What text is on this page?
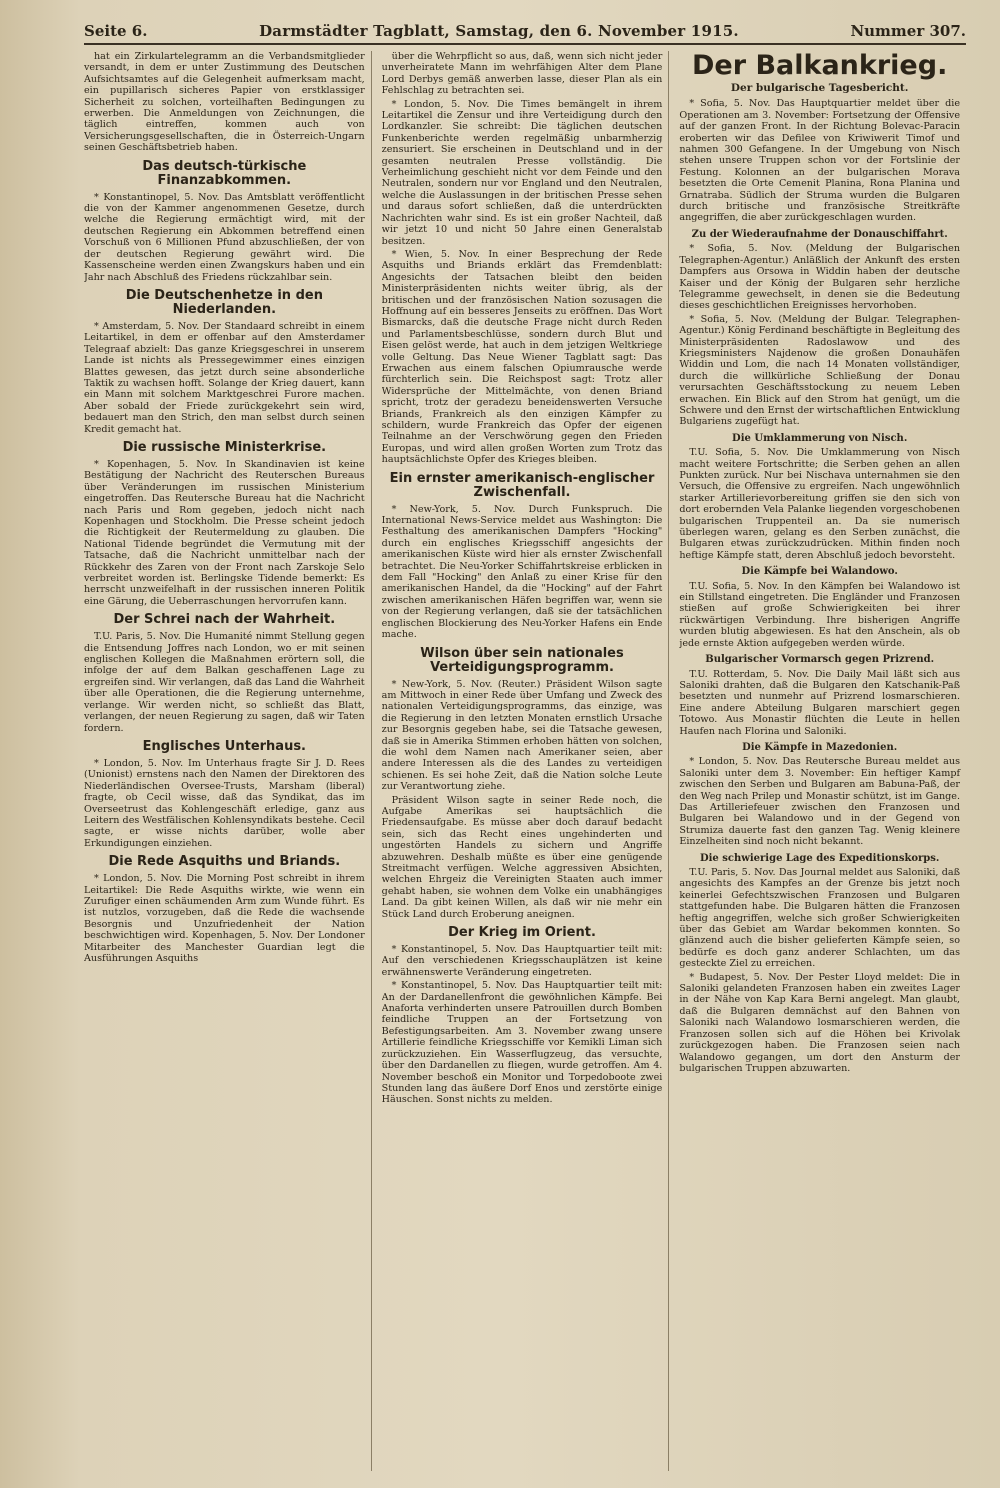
Seite 6.	Darmstädter Tagblatt, Samstag, den 6. November 1915.	Nummer 307.

hat ein Zirkulartelegramm an die Verbandsmitglieder versandt, in dem er unter Zustimmung des Deutschen Aufsichtsamtes auf die Gelegenheit aufmerksam macht, ein pupillarisch sicheres Papier von erstklassiger Sicherheit zu solchen, vorteilhaften Bedingungen zu erwerben. Die Anmeldungen von Zeichnungen, die täglich eintreffen, kommen auch von Versicherungsgesellschaften, die in Österreich-Ungarn seinen Geschäftsbetrieb haben.

Das deutsch-türkische Finanzabkommen.

* Konstantinopel, 5. Nov. Das Amtsblatt veröffentlicht die von der Kammer angenommenen Gesetze, durch welche die Regierung ermächtigt wird, mit der deutschen Regierung ein Abkommen betreffend einen Vorschuß von 6 Millionen Pfund abzuschließen, der von der deutschen Regierung gewährt wird. Die Kassenscheine werden einen Zwangskurs haben und ein Jahr nach Abschluß des Friedens rückzahlbar sein.

Die Deutschenhetze in den Niederlanden.

* Amsterdam, 5. Nov. Der Standaard schreibt in einem Leitartikel, in dem er offenbar auf den Amsterdamer Telegraaf abzielt: Das ganze Kriegsgeschrei in unserem Lande ist nichts als Pressegewimmer eines einzigen Blattes gewesen, das jetzt durch seine absonderliche Taktik zu wachsen hofft. Solange der Krieg dauert, kann ein Mann mit solchem Marktgeschrei Furore machen. Aber sobald der Friede zurückgekehrt sein wird, bedauert man den Strich, den man selbst durch seinen Kredit gemacht hat.

Die russische Ministerkrise.

* Kopenhagen, 5. Nov. In Skandinavien ist keine Bestätigung der Nachricht des Reuterschen Bureaus über Veränderungen im russischen Ministerium eingetroffen. Das Reutersche Bureau hat die Nachricht nach Paris und Rom gegeben, jedoch nicht nach Kopenhagen und Stockholm. Die Presse scheint jedoch die Richtigkeit der Reutermeldung zu glauben. Die National Tidende begründet die Vermutung mit der Tatsache, daß die Nachricht unmittelbar nach der Rückkehr des Zaren von der Front nach Zarskoje Selo verbreitet worden ist. Berlingske Tidende bemerkt: Es herrscht unzweifelhaft in der russischen inneren Politik eine Gärung, die Ueberraschungen hervorrufen kann.

Der Schrei nach der Wahrheit.

T.U. Paris, 5. Nov. Die Humanité nimmt Stellung gegen die Entsendung Joffres nach London, wo er mit seinen englischen Kollegen die Maßnahmen erörtern soll, die infolge der auf dem Balkan geschaffenen Lage zu ergreifen sind. Wir verlangen, daß das Land die Wahrheit über alle Operationen, die die Regierung unternehme, verlange. Wir werden nicht, so schließt das Blatt, verlangen, der neuen Regierung zu sagen, daß wir Taten fordern.

Englisches Unterhaus.

* London, 5. Nov. Im Unterhaus fragte Sir J. D. Rees (Unionist) ernstens nach den Namen der Direktoren des Niederländischen Oversee-Trusts, Marsham (liberal) fragte, ob Cecil wisse, daß das Syndikat, das im Overseetrust das Kohlengeschäft erledige, ganz aus Leitern des Westfälischen Kohlensyndikats bestehe. Cecil sagte, er wisse nichts darüber, wolle aber Erkundigungen einziehen.

Die Rede Asquiths und Briands.

* London, 5. Nov. Die Morning Post schreibt in ihrem Leitartikel: Die Rede Asquiths wirkte, wie wenn ein Zurufiger einen schäumenden Arm zum Wunde führt. Es ist nutzlos, vorzugeben, daß die Rede die wachsende Besorgnis und Unzufriedenheit der Nation beschwichtigen wird. Kopenhagen, 5. Nov. Der Londoner Mitarbeiter des Manchester Guardian legt die Ausführungen Asquiths

über die Wehrpflicht so aus, daß, wenn sich nicht jeder unverheiratete Mann im wehrfähigen Alter dem Plane Lord Derbys gemäß anwerben lasse, dieser Plan als ein Fehlschlag zu betrachten sei.

* London, 5. Nov. Die Times bemängelt in ihrem Leitartikel die Zensur und ihre Verteidigung durch den Lordkanzler. Sie schreibt: Die täglichen deutschen Funkenberichte werden regelmäßig unbarmherzig zensuriert. Sie erscheinen in Deutschland und in der gesamten neutralen Presse vollständig. Die Verheimlichung geschieht nicht vor dem Feinde und den Neutralen, sondern nur vor England und den Neutralen, welche die Auslassungen in der britischen Presse sehen und daraus sofort schließen, daß die unterdrückten Nachrichten wahr sind. Es ist ein großer Nachteil, daß wir jetzt 10 und nicht 50 Jahre einen Generalstab besitzen.

* Wien, 5. Nov. In einer Besprechung der Rede Asquiths und Briands erklärt das Fremdenblatt: Angesichts der Tatsachen bleibt den beiden Ministerpräsidenten nichts weiter übrig, als der britischen und der französischen Nation sozusagen die Hoffnung auf ein besseres Jenseits zu eröffnen. Das Wort Bismarcks, daß die deutsche Frage nicht durch Reden und Parlamentsbeschlüsse, sondern durch Blut und Eisen gelöst werde, hat auch in dem jetzigen Weltkriege volle Geltung. Das Neue Wiener Tagblatt sagt: Das Erwachen aus einem falschen Opiumrausche werde fürchterlich sein. Die Reichspost sagt: Trotz aller Widersprüche der Mittelmächte, von denen Briand spricht, trotz der geradezu beneidenswerten Versuche Briands, Frankreich als den einzigen Kämpfer zu schildern, wurde Frankreich das Opfer der eigenen Teilnahme an der Verschwörung gegen den Frieden Europas, und wird allen großen Worten zum Trotz das hauptsächlichste Opfer des Krieges bleiben.

Ein ernster amerikanisch-englischer Zwischenfall.

* New-York, 5. Nov. Durch Funkspruch. Die International News-Service meldet aus Washington: Die Festhaltung des amerikanischen Dampfers "Hocking" durch ein englisches Kriegsschiff angesichts der amerikanischen Küste wird hier als ernster Zwischenfall betrachtet. Die Neu-Yorker Schiffahrtskreise erblicken in dem Fall "Hocking" den Anlaß zu einer Krise für den amerikanischen Handel, da die "Hocking" auf der Fahrt zwischen amerikanischen Häfen begriffen war, wenn sie von der Regierung verlangen, daß sie der tatsächlichen englischen Blockierung des Neu-Yorker Hafens ein Ende mache.

Wilson über sein nationales Verteidigungsprogramm.

* New-York, 5. Nov. (Reuter.) Präsident Wilson sagte am Mittwoch in einer Rede über Umfang und Zweck des nationalen Verteidigungsprogramms, das einzige, was die Regierung in den letzten Monaten ernstlich Ursache zur Besorgnis gegeben habe, sei die Tatsache gewesen, daß sie in Amerika Stimmen erhoben hätten von solchen, die wohl dem Namen nach Amerikaner seien, aber andere Interessen als die des Landes zu verteidigen schienen. Es sei hohe Zeit, daß die Nation solche Leute zur Verantwortung ziehe.

Präsident Wilson sagte in seiner Rede noch, die Aufgabe Amerikas sei hauptsächlich die Friedensaufgabe. Es müsse aber doch darauf bedacht sein, sich das Recht eines ungehinderten und ungestörten Handels zu sichern und Angriffe abzuwehren. Deshalb müßte es über eine genügende Streitmacht verfügen. Welche aggressiven Absichten, welchen Ehrgeiz die Vereinigten Staaten auch immer gehabt haben, sie wohnen dem Volke ein unabhängiges Land. Da gibt keinen Willen, als daß wir nie mehr ein Stück Land durch Eroberung aneignen.

Der Krieg im Orient.

* Konstantinopel, 5. Nov. Das Hauptquartier teilt mit: Auf den verschiedenen Kriegsschauplätzen ist keine erwähnenswerte Veränderung eingetreten.

* Konstantinopel, 5. Nov. Das Hauptquartier teilt mit: An der Dardanellenfront die gewöhnlichen Kämpfe. Bei Anaforta verhinderten unsere Patrouillen durch Bomben feindliche Truppen an der Fortsetzung von Befestigungsarbeiten. Am 3. November zwang unsere Artillerie feindliche Kriegsschiffe vor Kemikli Liman sich zurückzuziehen. Ein Wasserflugzeug, das versuchte, über den Dardanellen zu fliegen, wurde getroffen. Am 4. November beschoß ein Monitor und Torpedoboote zwei Stunden lang das äußere Dorf Enos und zerstörte einige Häuschen. Sonst nichts zu melden.

Der Balkankrieg.
Der bulgarische Tagesbericht.

* Sofia, 5. Nov. Das Hauptquartier meldet über die Operationen am 3. November: Fortsetzung der Offensive auf der ganzen Front. In der Richtung Bolevac-Paracin eroberten wir das Defilee von Kriwiwerit Timof und nahmen 300 Gefangene. In der Umgebung von Nisch stehen unsere Truppen schon vor der Fortslinie der Festung. Kolonnen an der bulgarischen Morava besetzten die Orte Cemenit Planina, Rona Planina und Grnatraba. Südlich der Struma wurden die Bulgaren durch britische und französische Streitkräfte angegriffen, die aber zurückgeschlagen wurden.

Zu der Wiederaufnahme der Donauschiffahrt.

* Sofia, 5. Nov. (Meldung der Bulgarischen Telegraphen-Agentur.) Anläßlich der Ankunft des ersten Dampfers aus Orsowa in Widdin haben der deutsche Kaiser und der König der Bulgaren sehr herzliche Telegramme gewechselt, in denen sie die Bedeutung dieses geschichtlichen Ereignisses hervorhoben.

* Sofia, 5. Nov. (Meldung der Bulgar. Telegraphen-Agentur.) König Ferdinand beschäftigte in Begleitung des Ministerpräsidenten Radoslawow und des Kriegsministers Najdenow die großen Donauhäfen Widdin und Lom, die nach 14 Monaten vollständiger, durch die willkürliche Schließung der Donau verursachten Geschäftsstockung zu neuem Leben erwachen. Ein Blick auf den Strom hat genügt, um die Schwere und den Ernst der wirtschaftlichen Entwicklung Bulgariens zugefügt hat.

Die Umklammerung von Nisch.

T.U. Sofia, 5. Nov. Die Umklammerung von Nisch macht weitere Fortschritte; die Serben gehen an allen Punkten zurück. Nur bei Nischava unternahmen sie den Versuch, die Offensive zu ergreifen. Nach ungewöhnlich starker Artillerievorbereitung griffen sie den sich von dort erobernden Vela Palanke liegenden vorgeschobenen bulgarischen Truppenteil an. Da sie numerisch überlegen waren, gelang es den Serben zunächst, die Bulgaren etwas zurückzudrücken. Mithin finden noch heftige Kämpfe statt, deren Abschluß jedoch bevorsteht.

Die Kämpfe bei Walandowo.

T.U. Sofia, 5. Nov. In den Kämpfen bei Walandowo ist ein Stillstand eingetreten. Die Engländer und Franzosen stießen auf große Schwierigkeiten bei ihrer rückwärtigen Verbindung. Ihre bisherigen Angriffe wurden blutig abgewiesen. Es hat den Anschein, als ob jede ernste Aktion aufgegeben werden würde.

Bulgarischer Vormarsch gegen Prizrend.

T.U. Rotterdam, 5. Nov. Die Daily Mail läßt sich aus Saloniki drahten, daß die Bulgaren den Katschanik-Paß besetzten und nunmehr auf Prizrend losmarschieren. Eine andere Abteilung Bulgaren marschiert gegen Totowo. Aus Monastir flüchten die Leute in hellen Haufen nach Florina und Saloniki.

Die Kämpfe in Mazedonien.

* London, 5. Nov. Das Reutersche Bureau meldet aus Saloniki unter dem 3. November: Ein heftiger Kampf zwischen den Serben und Bulgaren am Babuna-Paß, der den Weg nach Prilep und Monastir schützt, ist im Gange. Das Artilleriefeuer zwischen den Franzosen und Bulgaren bei Walandowo und in der Gegend von Strumiza dauerte fast den ganzen Tag. Wenig kleinere Einzelheiten sind noch nicht bekannt.

Die schwierige Lage des Expeditionskorps.

T.U. Paris, 5. Nov. Das Journal meldet aus Saloniki, daß angesichts des Kampfes an der Grenze bis jetzt noch keinerlei Gefechtszwischen Franzosen und Bulgaren stattgefunden habe. Die Bulgaren hätten die Franzosen heftig angegriffen, welche sich großer Schwierigkeiten über das Gebiet am Wardar bekommen konnten. So glänzend auch die bisher gelieferten Kämpfe seien, so bedürfe es doch ganz anderer Schlachten, um das gesteckte Ziel zu erreichen.

* Budapest, 5. Nov. Der Pester Lloyd meldet: Die in Saloniki gelandeten Franzosen haben ein zweites Lager in der Nähe von Kap Kara Berni angelegt. Man glaubt, daß die Bulgaren demnächst auf den Bahnen von Saloniki nach Walandowo losmarschieren werden, die Franzosen sollen sich auf die Höhen bei Krivolak zurückgezogen haben. Die Franzosen seien nach Walandowo gegangen, um dort den Ansturm der bulgarischen Truppen abzuwarten.
